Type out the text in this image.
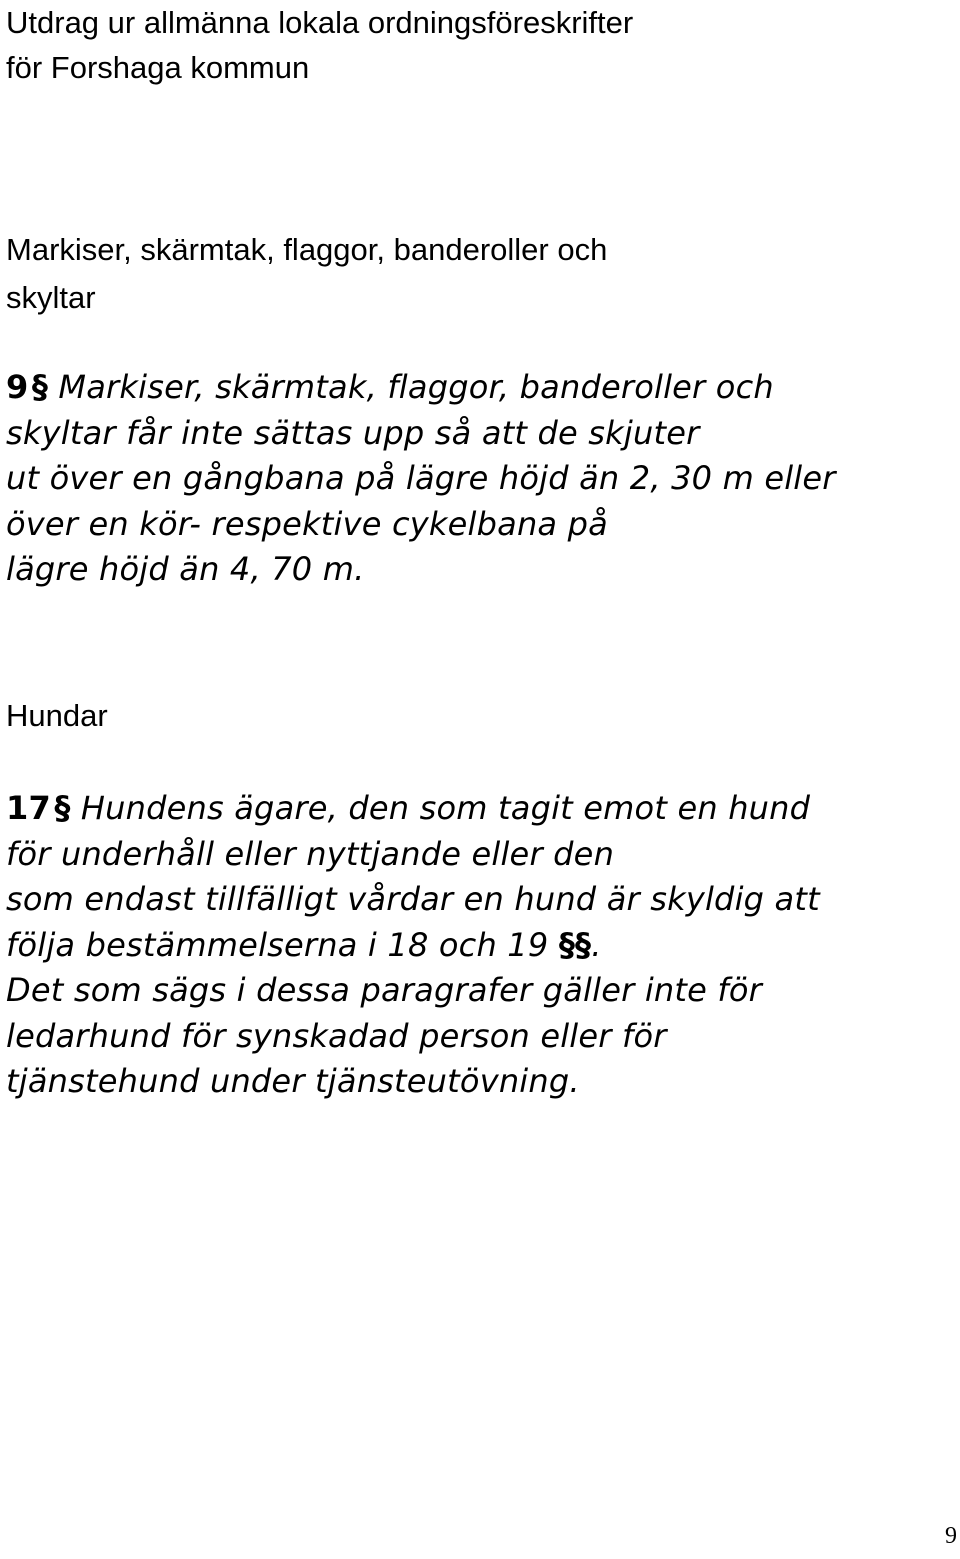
Utdrag ur allmänna lokala ordningsföreskrifter
för Forshaga kommun
Markiser, skärmtak, flaggor, banderoller och
skyltar

9  § Markiser, skärmtak, flaggor, banderoller och
skyltar får inte sättas upp så att de skjuter
ut över en gångbana på lägre höjd än 2, 30 m eller
över en kör- respektive cykelbana på
lägre höjd än 4, 70 m.

Hundar

17  § Hundens ägare, den som tagit emot en hund
för underhåll eller nyttjande eller den
som endast tillfälligt vårdar en hund är skyldig att
följa bestämmelserna i 18 och 19 §§.
Det som sägs i dessa paragrafer gäller inte för
ledarhund för synskadad person eller för
tjänstehund under tjänsteutövning.

9
